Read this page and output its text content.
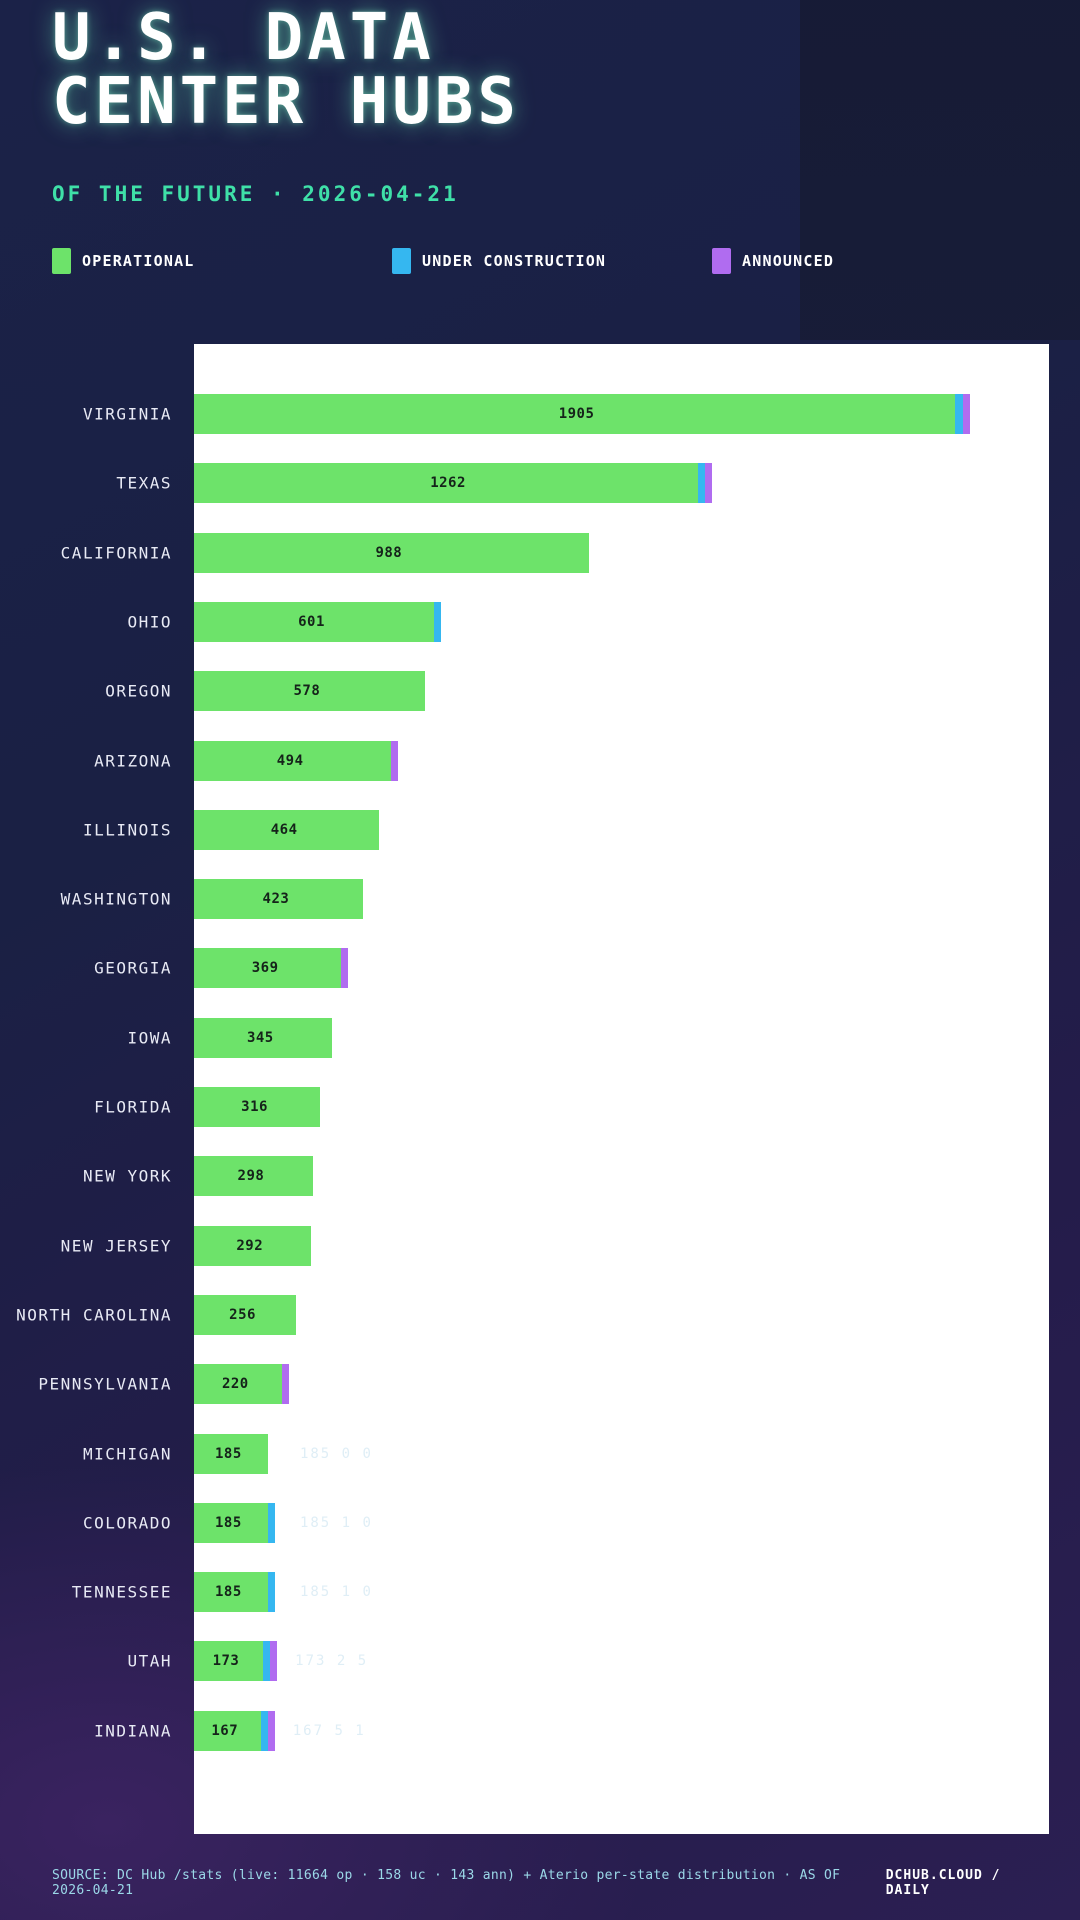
U.S. DATA
CENTER HUBS
OF THE FUTURE · 2026-04-21
OPERATIONAL	UNDER CONSTRUCTION	ANNOUNCED
VIRGINIA	1905
TEXAS	1262
CALIFORNIA	988
OHIO	601
OREGON	578
ARIZONA	494
ILLINOIS	464
WASHINGTON	423
GEORGIA	369
IOWA	345
FLORIDA	316
NEW YORK	298
NEW JERSEY	292
NORTH CAROLINA	256
PENNSYLVANIA	220
MICHIGAN	185	185 0 0
COLORADO	185	185 1 0
TENNESSEE	185	185 1 0
UTAH	173	173 2 5
INDIANA	167	167 5 1
SOURCE: DC Hub /stats (live: 11664 op · 158 uc · 143 ann) + Aterio per-state distribution · AS OF 2026-04-21
DCHUB.CLOUD / DAILY
